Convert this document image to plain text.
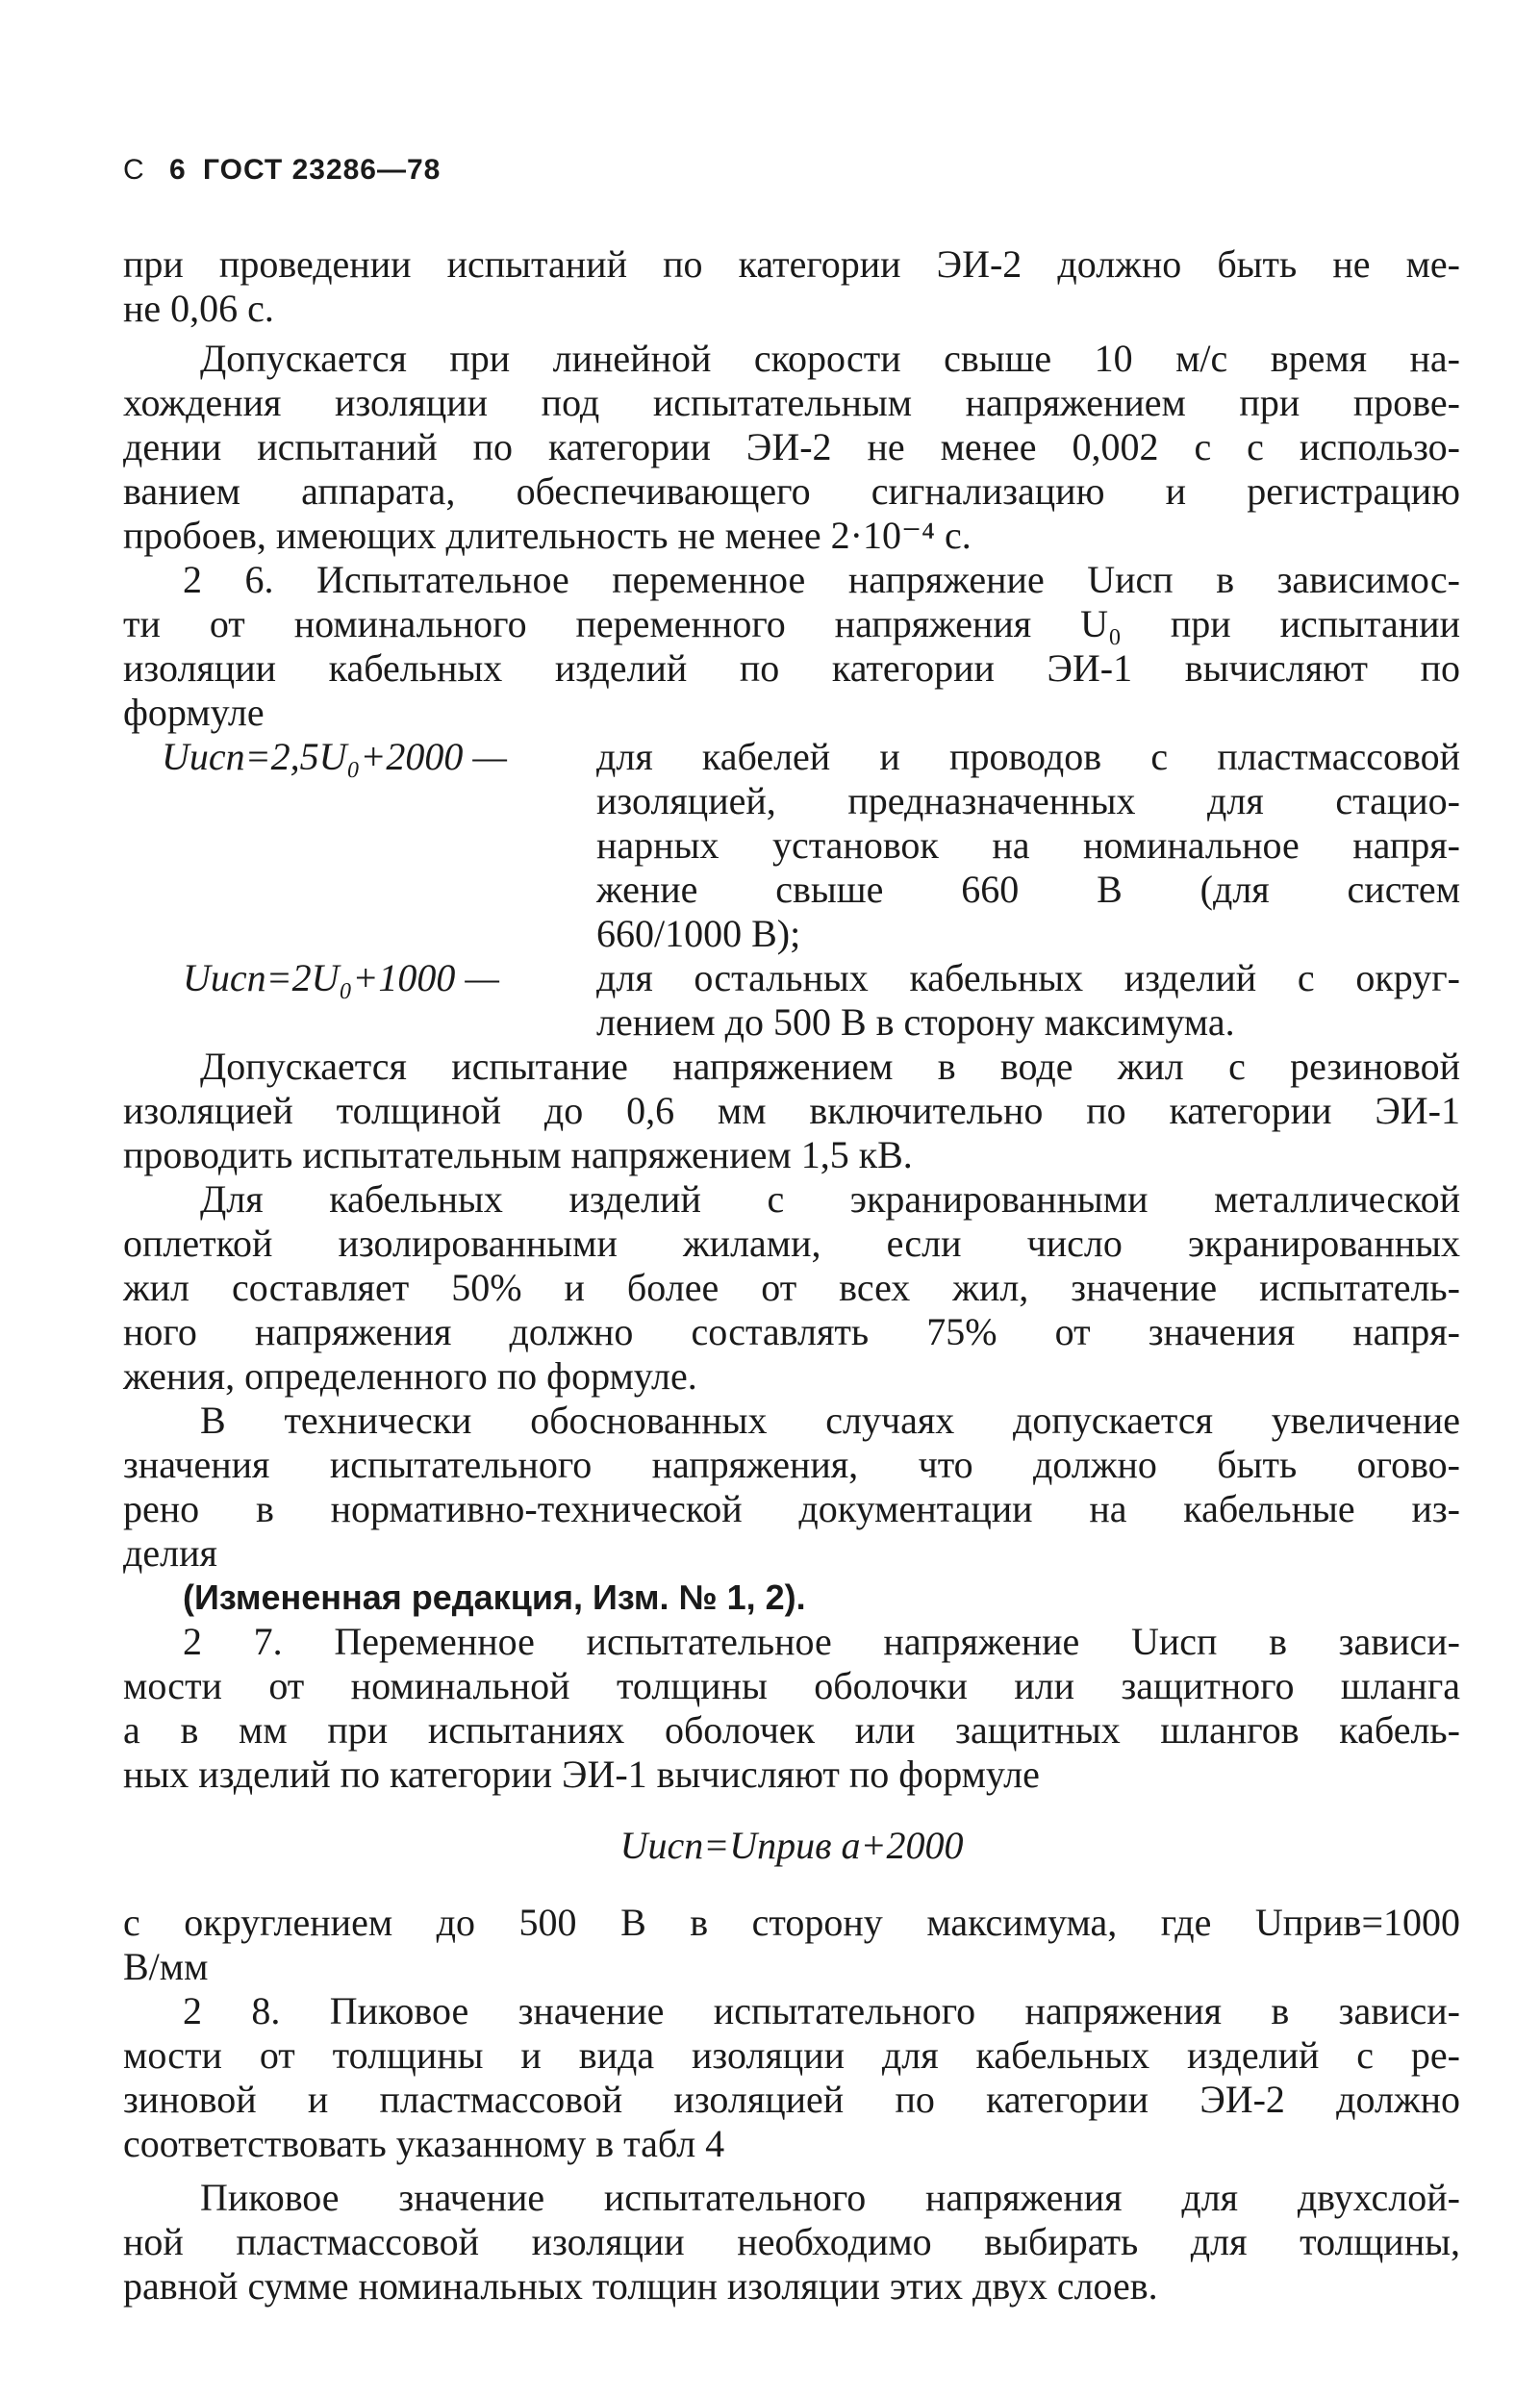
С 6 ГОСТ 23286—78
при проведении испытаний по категории ЭИ-2 должно быть не ме-
не 0,06 с.
Допускается при линейной скорости свыше 10 м/с время на-
хождения изоляции под испытательным напряжением при прове-
дении испытаний по категории ЭИ-2 не менее 0,002 с с использо-
ванием аппарата, обеспечивающего сигнализацию и регистрацию
пробоев, имеющих длительность не менее 2·10⁻⁴ с.
2 6. Испытательное переменное напряжение Uисп в зависимос-
ти от номинального переменного напряжения U₀ при испытании
изоляции кабельных изделий по категории ЭИ-1 вычисляют по
формуле
Uисп=2,5U₀+2000 — для кабелей и проводов с пластмассовой
изоляцией, предназначенных для стацио-
нарных установок на номинальное напря-
жение свыше 660 В (для систем
660/1000 В);
Uисп=2U₀+1000 —	для остальных кабельных изделий с округ-
лением до 500 В в сторону максимума.
Допускается испытание напряжением в воде жил с резиновой
изоляцией толщиной до 0,6 мм включительно по категории ЭИ-1
проводить испытательным напряжением 1,5 кВ.
Для кабельных изделий с экранированными металлической
оплеткой изолированными жилами, если число экранированных
жил составляет 50% и более от всех жил, значение испытатель-
ного напряжения должно составлять 75% от значения напря-
жения, определенного по формуле.
В технически обоснованных случаях допускается увеличение
значения испытательного напряжения, что должно быть огово-
рено в нормативно-технической документации на кабельные из-
делия
(Измененная редакция, Изм. № 1, 2).
2 7. Переменное испытательное напряжение Uисп в зависи-
мости от номинальной толщины оболочки или защитного шланга
a в мм при испытаниях оболочек или защитных шлангов кабель-
ных изделий по категории ЭИ-1 вычисляют по формуле
Uисп=Uприв a+2000
с округлением до 500 В в сторону максимума, где Uприв=1000
В/мм
2 8. Пиковое значение испытательного напряжения в зависи-
мости от толщины и вида изоляции для кабельных изделий с ре-
зиновой и пластмассовой изоляцией по категории ЭИ-2 должно
соответствовать указанному в табл 4
Пиковое значение испытательного напряжения для двухслой-
ной пластмассовой изоляции необходимо выбирать для толщины,
равной сумме номинальных толщин изоляции этих двух слоев.
